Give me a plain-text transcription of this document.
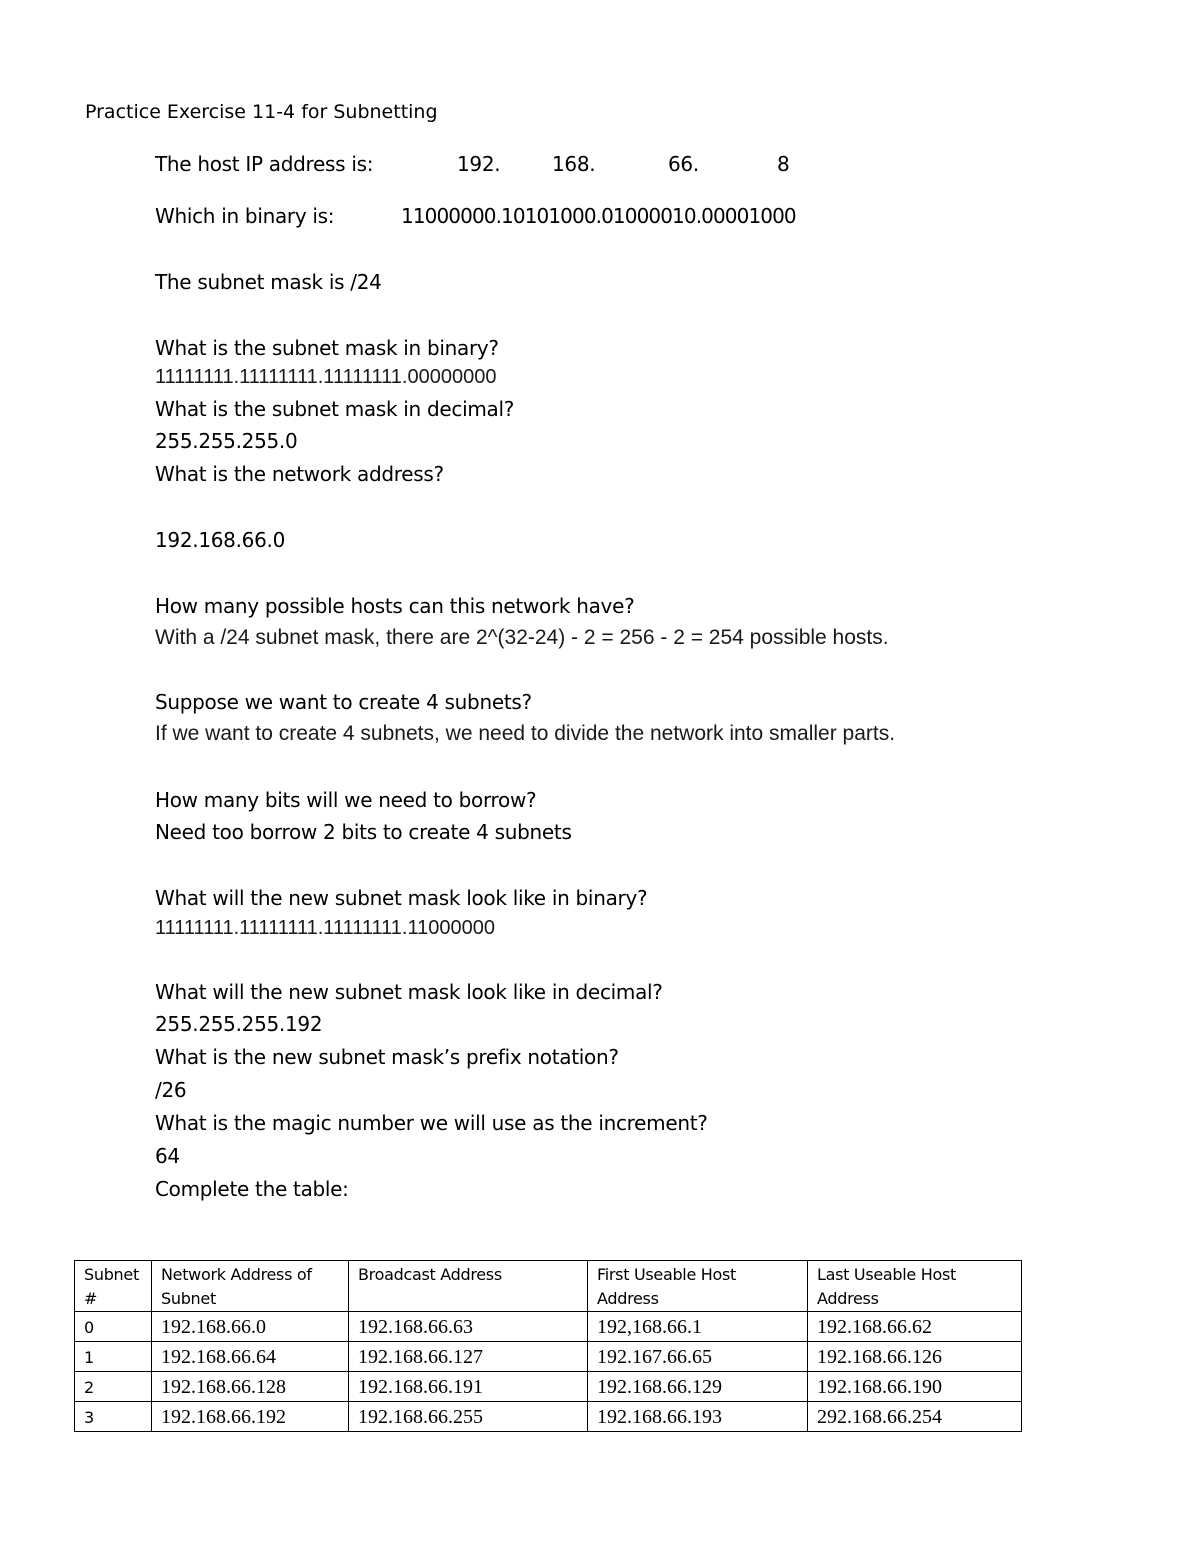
Practice Exercise 11-4 for Subnetting
The host IP address is:	192.	168.	66.	8
Which in binary is:	11000000.10101000.01000010.00001000
The subnet mask is /24
What is the subnet mask in binary?
11111111.11111111.11111111.00000000
What is the subnet mask in decimal?
255.255.255.0
What is the network address?
192.168.66.0
How many possible hosts can this network have?
With a /24 subnet mask, there are 2^(32-24) - 2 = 256 - 2 = 254 possible hosts.
Suppose we want to create 4 subnets?
If we want to create 4 subnets, we need to divide the network into smaller parts.
How many bits will we need to borrow?
Need too borrow 2 bits to create 4 subnets
What will the new subnet mask look like in binary?
11111111.11111111.11111111.11000000
What will the new subnet mask look like in decimal?
255.255.255.192
What is the new subnet mask’s prefix notation?
/26
What is the magic number we will use as the increment?
64
Complete the table:
Subnet #	Network Address of Subnet	Broadcast Address	First Useable Host Address	Last Useable Host Address
0	192.168.66.0	192.168.66.63	192,168.66.1	192.168.66.62
1	192.168.66.64	192.168.66.127	192.167.66.65	192.168.66.126
2	192.168.66.128	192.168.66.191	192.168.66.129	192.168.66.190
3	192.168.66.192	192.168.66.255	192.168.66.193	292.168.66.254
